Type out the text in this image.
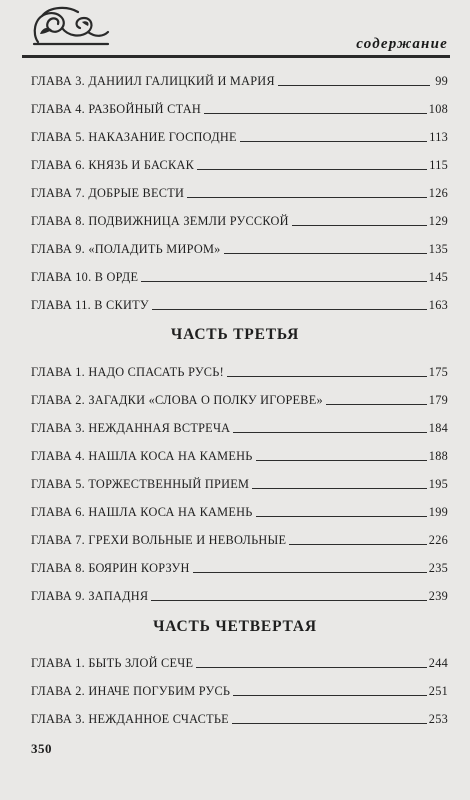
содержание
ГЛАВА 3. ДАНИИЛ ГАЛИЦКИЙ И МАРИЯ	99
ГЛАВА 4. РАЗБОЙНЫЙ СТАН	108
ГЛАВА 5. НАКАЗАНИЕ ГОСПОДНЕ	113
ГЛАВА 6. КНЯЗЬ И БАСКАК	115
ГЛАВА 7. ДОБРЫЕ ВЕСТИ	126
ГЛАВА 8. ПОДВИЖНИЦА ЗЕМЛИ РУССКОЙ	129
ГЛАВА 9. «ПОЛАДИТЬ МИРОМ»	135
ГЛАВА 10. В ОРДЕ	145
ГЛАВА 11. В СКИТУ	163
ЧАСТЬ ТРЕТЬЯ
ГЛАВА 1. НАДО СПАСАТЬ РУСЬ!	175
ГЛАВА 2. ЗАГАДКИ «СЛОВА О ПОЛКУ ИГОРЕВЕ»	179
ГЛАВА 3. НЕЖДАННАЯ ВСТРЕЧА	184
ГЛАВА 4. НАШЛА КОСА НА КАМЕНЬ	188
ГЛАВА 5. ТОРЖЕСТВЕННЫЙ ПРИЕМ	195
ГЛАВА 6. НАШЛА КОСА НА КАМЕНЬ	199
ГЛАВА 7. ГРЕХИ ВОЛЬНЫЕ И НЕВОЛЬНЫЕ	226
ГЛАВА 8. БОЯРИН КОРЗУН	235
ГЛАВА 9. ЗАПАДНЯ	239
ЧАСТЬ ЧЕТВЕРТАЯ
ГЛАВА 1. БЫТЬ ЗЛОЙ СЕЧЕ	244
ГЛАВА 2. ИНАЧЕ ПОГУБИМ РУСЬ	251
ГЛАВА 3. НЕЖДАННОЕ СЧАСТЬЕ	253
350
